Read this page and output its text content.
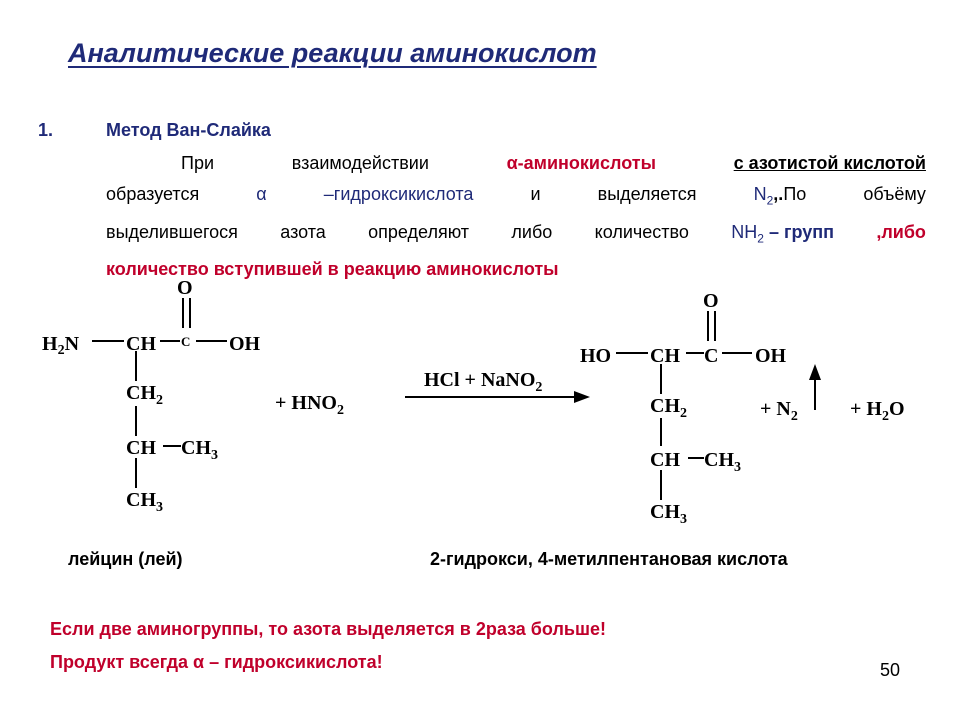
Аналитические реакции аминокислот
1.	Метод Ван-Слайка
При	взаимодействии	α-аминокислоты	с азотистой кислотой
образуется	α	–гидроксикислота	и	выделяется	$N_2,.По$	объёму
выделившегося азота определяют либо количество $NH_2$ – групп ,либо
количество вступившей в реакцию аминокислоты
O
$H_2N$ CH C OH
$CH_2$
CH $CH_3$
$CH_3$
+ $HNO_2$
HCl + NaNO$_2$
O
HO CH C OH
$CH_2$
CH $CH_3$
$CH_3$
+ $N_2$	+ $H_2O$
лейцин (лей)	2-гидрокси, 4-метилпентановая кислота
Если две аминогруппы, то азота выделяется в 2раза больше!
Продукт всегда α – гидроксикислота!	50
